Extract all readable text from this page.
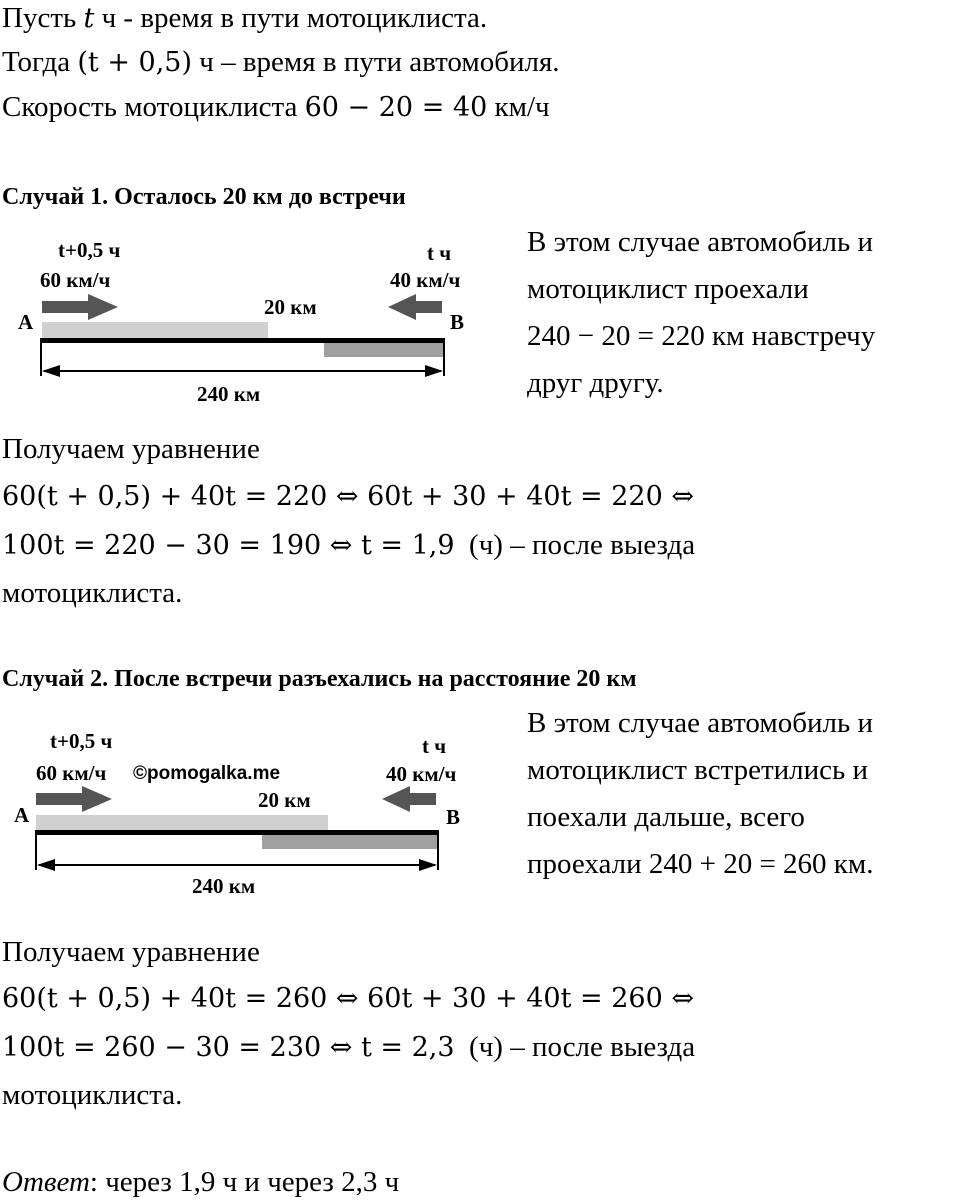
Пусть t ч - время в пути мотоциклиста.
Тогда (t + 0,5) ч – время в пути автомобиля.
Скорость мотоциклиста 60 − 20 = 40 км/ч
Случай 1. Осталось 20 км до встречи
t+0,5 ч
60 км/ч
t ч
40 км/ч
20 км
A	B
240 км
В этом случае автомобиль и
мотоциклист проехали
240 − 20 = 220 км навстречу
друг другу.
Получаем уравнение
60(t + 0,5) + 40t = 220 ⇔ 60t + 30 + 40t = 220 ⇔
100t = 220 − 30 = 190 ⇔ t = 1,9  (ч) – после выезда
мотоциклиста.
Случай 2. После встречи разъехались на расстояние 20 км
t+0,5 ч
60 км/ч ©pomogalka.me
t ч
40 км/ч
20 км
A	B
240 км
В этом случае автомобиль и
мотоциклист встретились и
поехали дальше, всего
проехали 240 + 20 = 260 км.
Получаем уравнение
60(t + 0,5) + 40t = 260 ⇔ 60t + 30 + 40t = 260 ⇔
100t = 260 − 30 = 230 ⇔ t = 2,3  (ч) – после выезда
мотоциклиста.
Ответ: через 1,9 ч и через 2,3 ч
